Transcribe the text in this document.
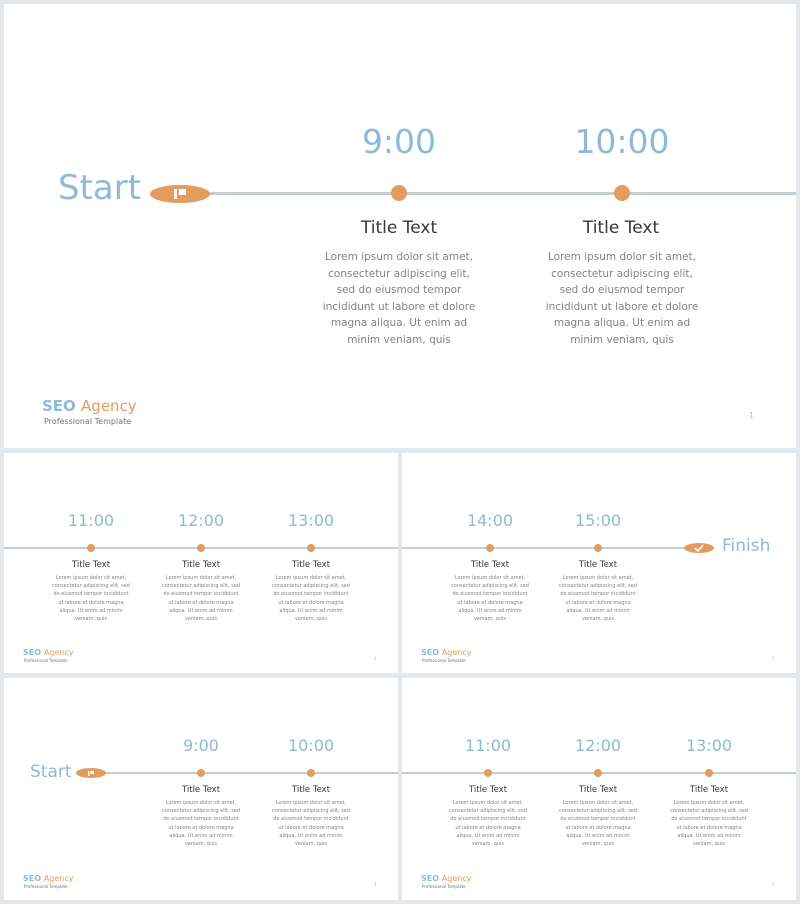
Start
9:00
Title Text
Lorem ipsum dolor sit amet, consectetur adipiscing elit, sed do eiusmod tempor incididunt ut labore et dolore magna aliqua. Ut enim ad minim veniam, quis
10:00
Title Text
Lorem ipsum dolor sit amet, consectetur adipiscing elit, sed do eiusmod tempor incididunt ut labore et dolore magna aliqua. Ut enim ad minim veniam, quis
SEO Agency
Professional Template
1
11:00
Title Text
Lorem ipsum dolor sit amet, consectetur adipiscing elit, sed do eiusmod tempor incididunt ut labore et dolore magna aliqua. Ut enim ad minim veniam, quis
12:00
Title Text
Lorem ipsum dolor sit amet, consectetur adipiscing elit, sed do eiusmod tempor incididunt ut labore et dolore magna aliqua. Ut enim ad minim veniam, quis
13:00
Title Text
Lorem ipsum dolor sit amet, consectetur adipiscing elit, sed do eiusmod tempor incididunt ut labore et dolore magna aliqua. Ut enim ad minim veniam, quis
SEO Agency
Professional Template	2
14:00
Title Text
Lorem ipsum dolor sit amet, consectetur adipiscing elit, sed do eiusmod tempor incididunt ut labore et dolore magna aliqua. Ut enim ad minim veniam, quis
15:00
Title Text
Lorem ipsum dolor sit amet, consectetur adipiscing elit, sed do eiusmod tempor incididunt ut labore et dolore magna aliqua. Ut enim ad minim veniam, quis
Finish
SEO Agency
Professional Template	3
Start
9:00
Title Text
Lorem ipsum dolor sit amet, consectetur adipiscing elit, sed do eiusmod tempor incididunt ut labore et dolore magna aliqua. Ut enim ad minim veniam, quis
10:00
Title Text
Lorem ipsum dolor sit amet, consectetur adipiscing elit, sed do eiusmod tempor incididunt ut labore et dolore magna aliqua. Ut enim ad minim veniam, quis
SEO Agency
Professional Template	4
11:00
Title Text
Lorem ipsum dolor sit amet, consectetur adipiscing elit, sed do eiusmod tempor incididunt ut labore et dolore magna aliqua. Ut enim ad minim veniam, quis
12:00
Title Text
Lorem ipsum dolor sit amet, consectetur adipiscing elit, sed do eiusmod tempor incididunt ut labore et dolore magna aliqua. Ut enim ad minim veniam, quis
13:00
Title Text
Lorem ipsum dolor sit amet, consectetur adipiscing elit, sed do eiusmod tempor incididunt ut labore et dolore magna aliqua. Ut enim ad minim veniam, quis
SEO Agency
Professional Template	5
